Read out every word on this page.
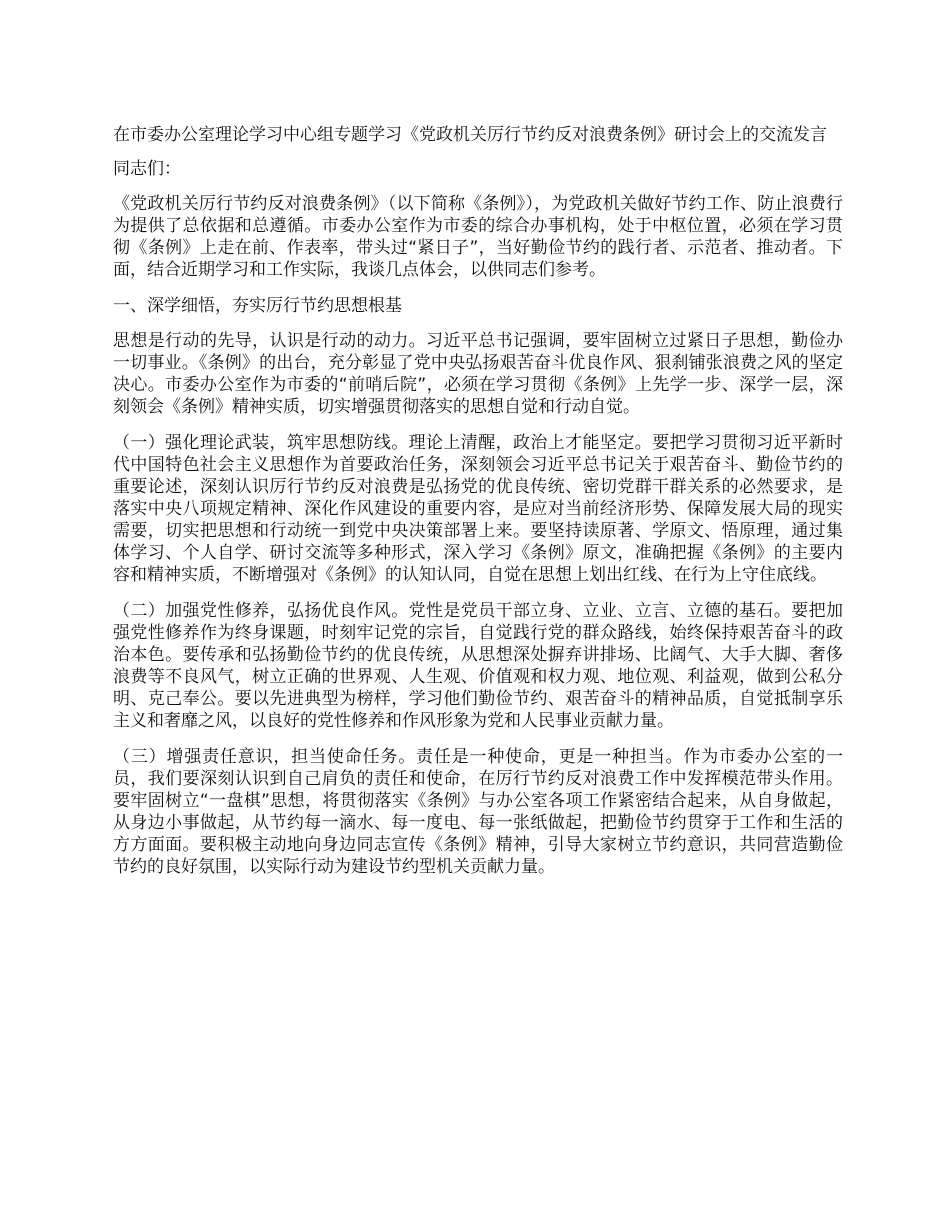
在市委办公室理论学习中心组专题学习《党政机关厉行节约反对浪费条例》研讨会上的交流发言

同志们：

《党政机关厉行节约反对浪费条例》（以下简称《条例》），为党政机关做好节约工作、防止浪费行为提供了总依据和总遵循。市委办公室作为市委的综合办事机构，处于中枢位置，必须在学习贯彻《条例》上走在前、作表率，带头过“紧日子”，当好勤俭节约的践行者、示范者、推动者。下面，结合近期学习和工作实际，我谈几点体会，以供同志们参考。

一、深学细悟，夯实厉行节约思想根基

思想是行动的先导，认识是行动的动力。习近平总书记强调，要牢固树立过紧日子思想，勤俭办一切事业。《条例》的出台，充分彰显了党中央弘扬艰苦奋斗优良作风、狠刹铺张浪费之风的坚定决心。市委办公室作为市委的“前哨后院”，必须在学习贯彻《条例》上先学一步、深学一层，深刻领会《条例》精神实质，切实增强贯彻落实的思想自觉和行动自觉。

（一）强化理论武装，筑牢思想防线。理论上清醒，政治上才能坚定。要把学习贯彻习近平新时代中国特色社会主义思想作为首要政治任务，深刻领会习近平总书记关于艰苦奋斗、勤俭节约的重要论述，深刻认识厉行节约反对浪费是弘扬党的优良传统、密切党群干群关系的必然要求，是落实中央八项规定精神、深化作风建设的重要内容，是应对当前经济形势、保障发展大局的现实需要，切实把思想和行动统一到党中央决策部署上来。要坚持读原著、学原文、悟原理，通过集体学习、个人自学、研讨交流等多种形式，深入学习《条例》原文，准确把握《条例》的主要内容和精神实质，不断增强对《条例》的认知认同，自觉在思想上划出红线、在行为上守住底线。

（二）加强党性修养，弘扬优良作风。党性是党员干部立身、立业、立言、立德的基石。要把加强党性修养作为终身课题，时刻牢记党的宗旨，自觉践行党的群众路线，始终保持艰苦奋斗的政治本色。要传承和弘扬勤俭节约的优良传统，从思想深处摒弃讲排场、比阔气、大手大脚、奢侈浪费等不良风气，树立正确的世界观、人生观、价值观和权力观、地位观、利益观，做到公私分明、克己奉公。要以先进典型为榜样，学习他们勤俭节约、艰苦奋斗的精神品质，自觉抵制享乐主义和奢靡之风，以良好的党性修养和作风形象为党和人民事业贡献力量。

（三）增强责任意识，担当使命任务。责任是一种使命，更是一种担当。作为市委办公室的一员，我们要深刻认识到自己肩负的责任和使命，在厉行节约反对浪费工作中发挥模范带头作用。要牢固树立“一盘棋”思想，将贯彻落实《条例》与办公室各项工作紧密结合起来，从自身做起，从身边小事做起，从节约每一滴水、每一度电、每一张纸做起，把勤俭节约贯穿于工作和生活的方方面面。要积极主动地向身边同志宣传《条例》精神，引导大家树立节约意识，共同营造勤俭节约的良好氛围，以实际行动为建设节约型机关贡献力量。
